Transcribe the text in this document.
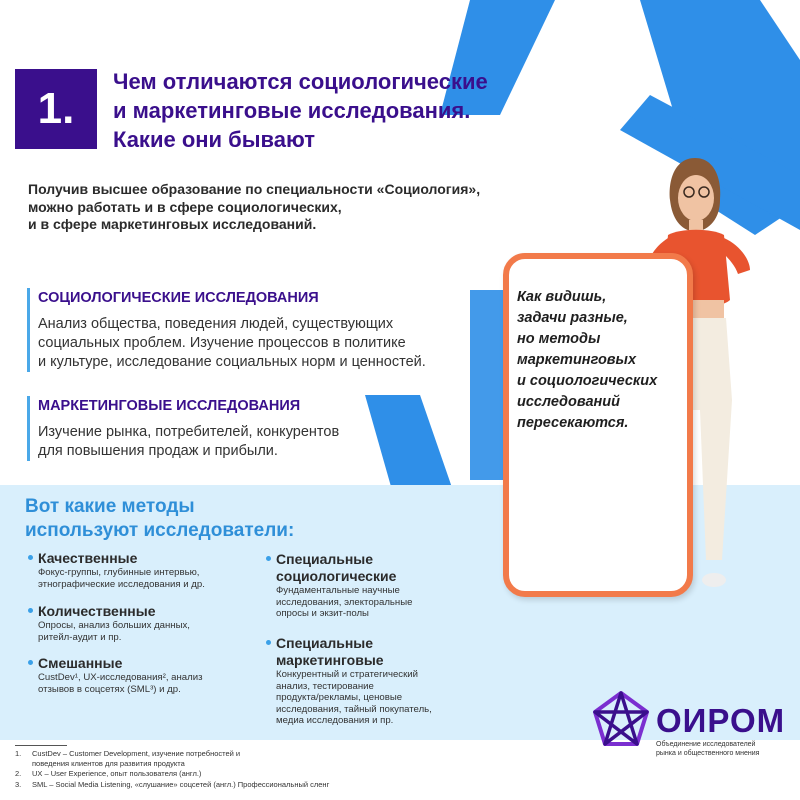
1.
Чем отличаются социологические
и маркетинговые исследования.
Какие они бывают
Получив высшее образование по специальности «Социология»,
можно работать и в сфере социологических,
и в сфере маркетинговых исследований.
СОЦИОЛОГИЧЕСКИЕ ИССЛЕДОВАНИЯ
Анализ общества, поведения людей, существующих
социальных проблем. Изучение процессов в политике
и культуре, исследование социальных норм и ценностей.
МАРКЕТИНГОВЫЕ ИССЛЕДОВАНИЯ
Изучение рынка, потребителей, конкурентов
для повышения продаж и прибыли.
Вот какие методы
используют исследователи:
Качественные
Фокус-группы, глубинные интервью,
этнографические исследования и др.
Количественные
Опросы, анализ больших данных,
ритейл-аудит и пр.
Смешанные
CustDev¹, UX-исследования², анализ
отзывов в соцсетях (SML³) и др.
Специальные
социологические
Фундаментальные научные
исследования, электоральные
опросы и экзит-полы
Специальные
маркетинговые
Конкурентный и стратегический
анализ, тестирование
продукта/рекламы, ценовые
исследования, тайный покупатель,
медиа исследования и пр.
1. CustDev – Customer Development, изучение потребностей и
поведения клиентов для развития продукта
2. UX – User Experience, опыт пользователя (англ.)
3. SML – Social Media Listening, «слушание» соцсетей (англ.) Профессиональный сленг
ОИРОМ
Объединение исследователей
рынка и общественного мнения
Как видишь,
задачи разные,
но методы
маркетинговых
и социологических
исследований
пересекаются.
